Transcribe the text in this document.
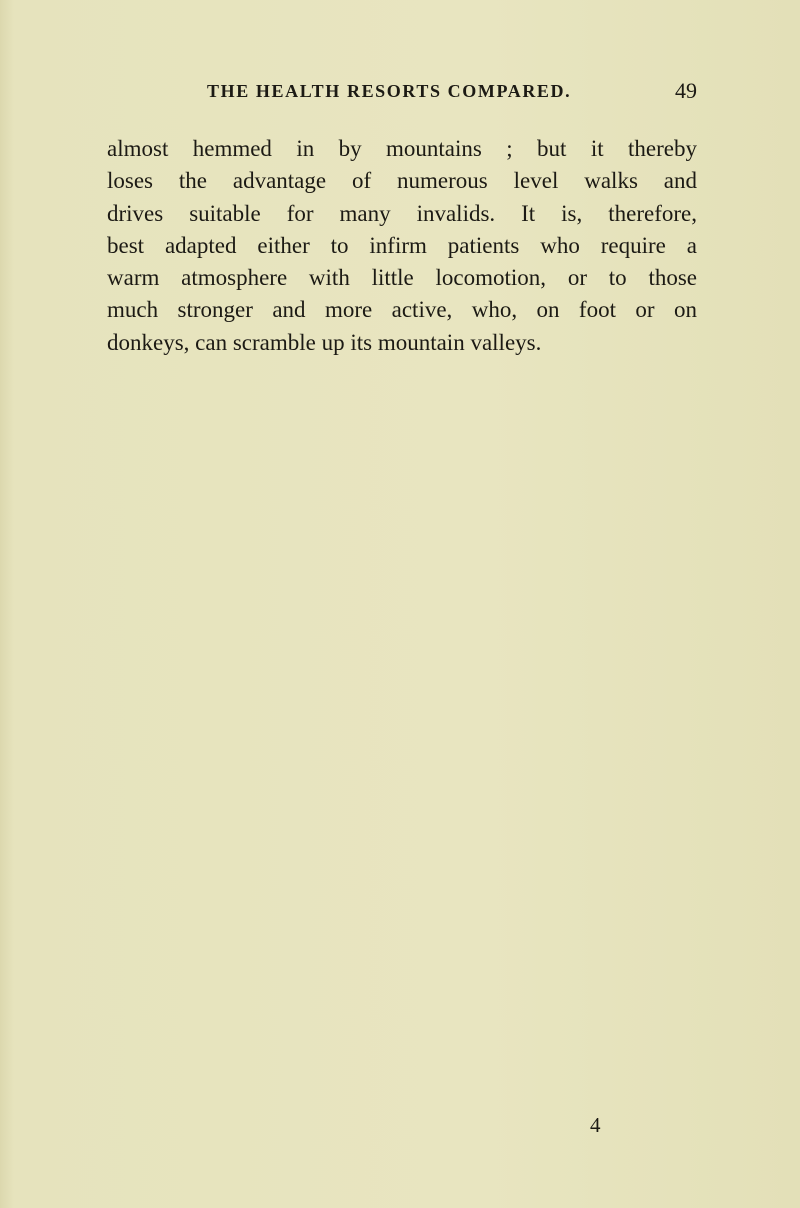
THE HEALTH RESORTS COMPARED.	49
almost hemmed in by mountains ; but it thereby
loses the advantage of numerous level walks and
drives suitable for many invalids. It is, therefore,
best adapted either to infirm patients who require a
warm atmosphere with little locomotion, or to those
much stronger and more active, who, on foot or on
donkeys, can scramble up its mountain valleys.
4
